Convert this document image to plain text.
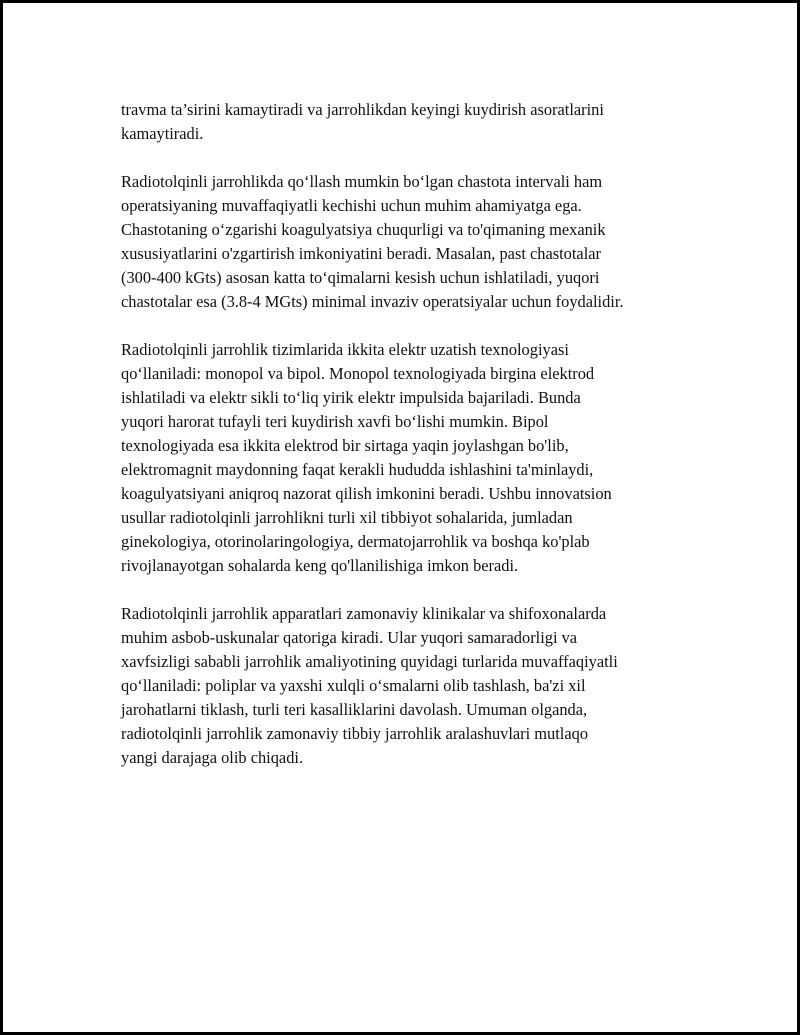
travma ta’sirini kamaytiradi va jarrohlikdan keyingi kuydirish asoratlarini
kamaytiradi.

Radiotolqinli jarrohlikda qo‘llash mumkin bo‘lgan chastota intervali ham
operatsiyaning muvaffaqiyatli kechishi uchun muhim ahamiyatga ega.
Chastotaning o‘zgarishi koagulyatsiya chuqurligi va to'qimaning mexanik
xususiyatlarini o'zgartirish imkoniyatini beradi. Masalan, past chastotalar
(300-400 kGts) asosan katta to‘qimalarni kesish uchun ishlatiladi, yuqori
chastotalar esa (3.8-4 MGts) minimal invaziv operatsiyalar uchun foydalidir.

Radiotolqinli jarrohlik tizimlarida ikkita elektr uzatish texnologiyasi
qo‘llaniladi: monopol va bipol. Monopol texnologiyada birgina elektrod
ishlatiladi va elektr sikli to‘liq yirik elektr impulsida bajariladi. Bunda
yuqori harorat tufayli teri kuydirish xavfi bo‘lishi mumkin. Bipol
texnologiyada esa ikkita elektrod bir sirtaga yaqin joylashgan bo'lib,
elektromagnit maydonning faqat kerakli hududda ishlashini ta'minlaydi,
koagulyatsiyani aniqroq nazorat qilish imkonini beradi. Ushbu innovatsion
usullar radiotolqinli jarrohlikni turli xil tibbiyot sohalarida, jumladan
ginekologiya, otorinolaringologiya, dermatojarrohlik va boshqa ko'plab
rivojlanayotgan sohalarda keng qo'llanilishiga imkon beradi.

Radiotolqinli jarrohlik apparatlari zamonaviy klinikalar va shifoxonalarda
muhim asbob-uskunalar qatoriga kiradi. Ular yuqori samaradorligi va
xavfsizligi sababli jarrohlik amaliyotining quyidagi turlarida muvaffaqiyatli
qo‘llaniladi: poliplar va yaxshi xulqli o‘smalarni olib tashlash, ba'zi xil
jarohatlarni tiklash, turli teri kasalliklarini davolash. Umuman olganda,
radiotolqinli jarrohlik zamonaviy tibbiy jarrohlik aralashuvlari mutlaqo
yangi darajaga olib chiqadi.
